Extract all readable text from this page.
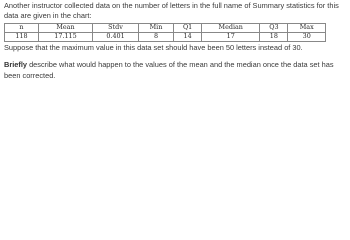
Another instructor collected data on the number of letters in the full name of Summary statistics for this data are given in the chart:

n	Mean	Stdv	Min	Q1	Median	Q3	Max
118	17.115	0.401	8	14	17	18	30

Suppose that the maximum value in this data set should have been 50 letters instead of 30.

Briefly describe what would happen to the values of the mean and the median once the data set has been corrected.
